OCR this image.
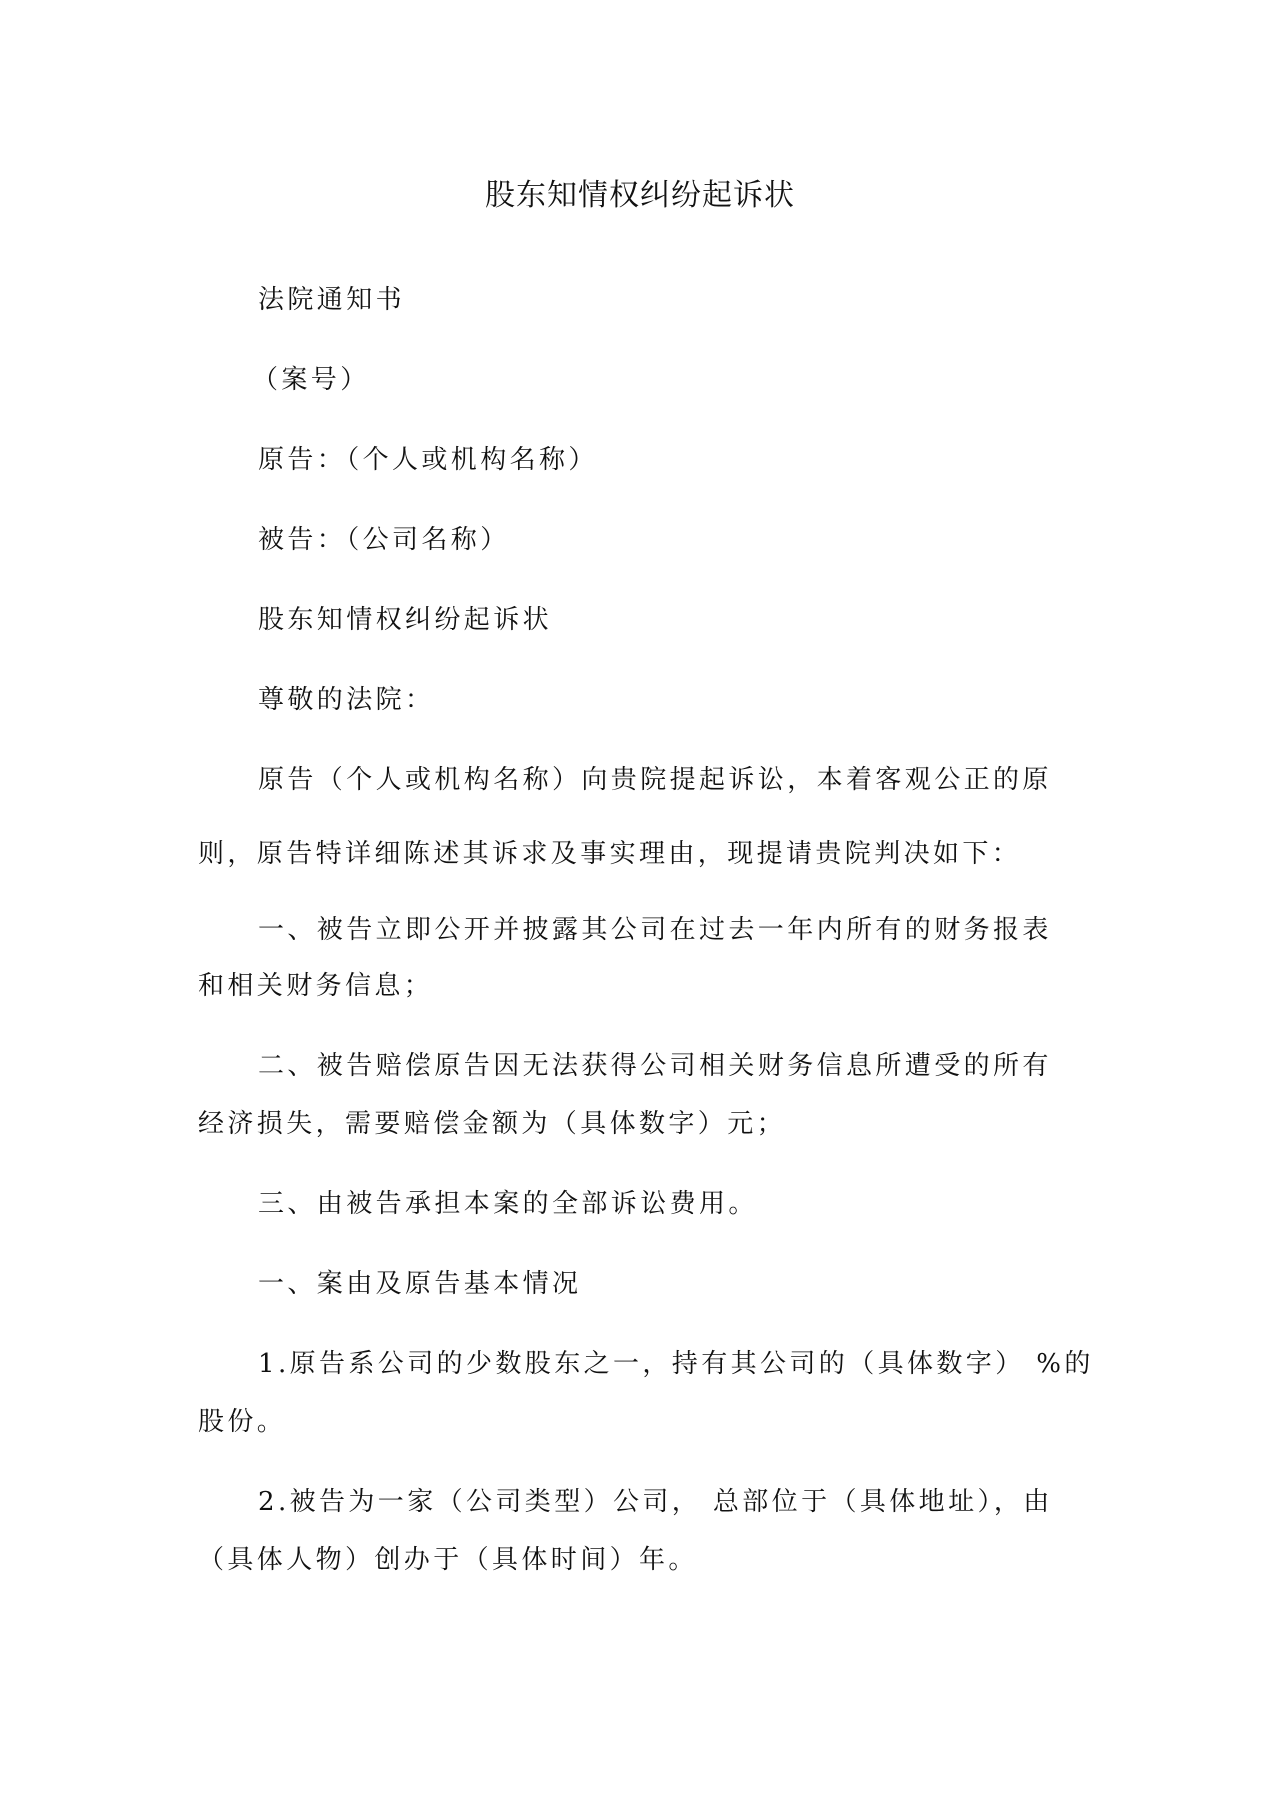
股东知情权纠纷起诉状
法院通知书
（案号）
原告：（个人或机构名称）
被告：（公司名称）
股东知情权纠纷起诉状
尊敬的法院：
原告（个人或机构名称）向贵院提起诉讼，本着客观公正的原
则，原告特详细陈述其诉求及事实理由，现提请贵院判决如下：
一、被告立即公开并披露其公司在过去一年内所有的财务报表
和相关财务信息；
二、被告赔偿原告因无法获得公司相关财务信息所遭受的所有
经济损失，需要赔偿金额为（具体数字）元；
三、由被告承担本案的全部诉讼费用。
一、案由及原告基本情况
1.原告系公司的少数股东之一，持有其公司的（具体数字） %的
股份。
2.被告为一家（公司类型）公司， 总部位于（具体地址），由
（具体人物）创办于（具体时间）年。
